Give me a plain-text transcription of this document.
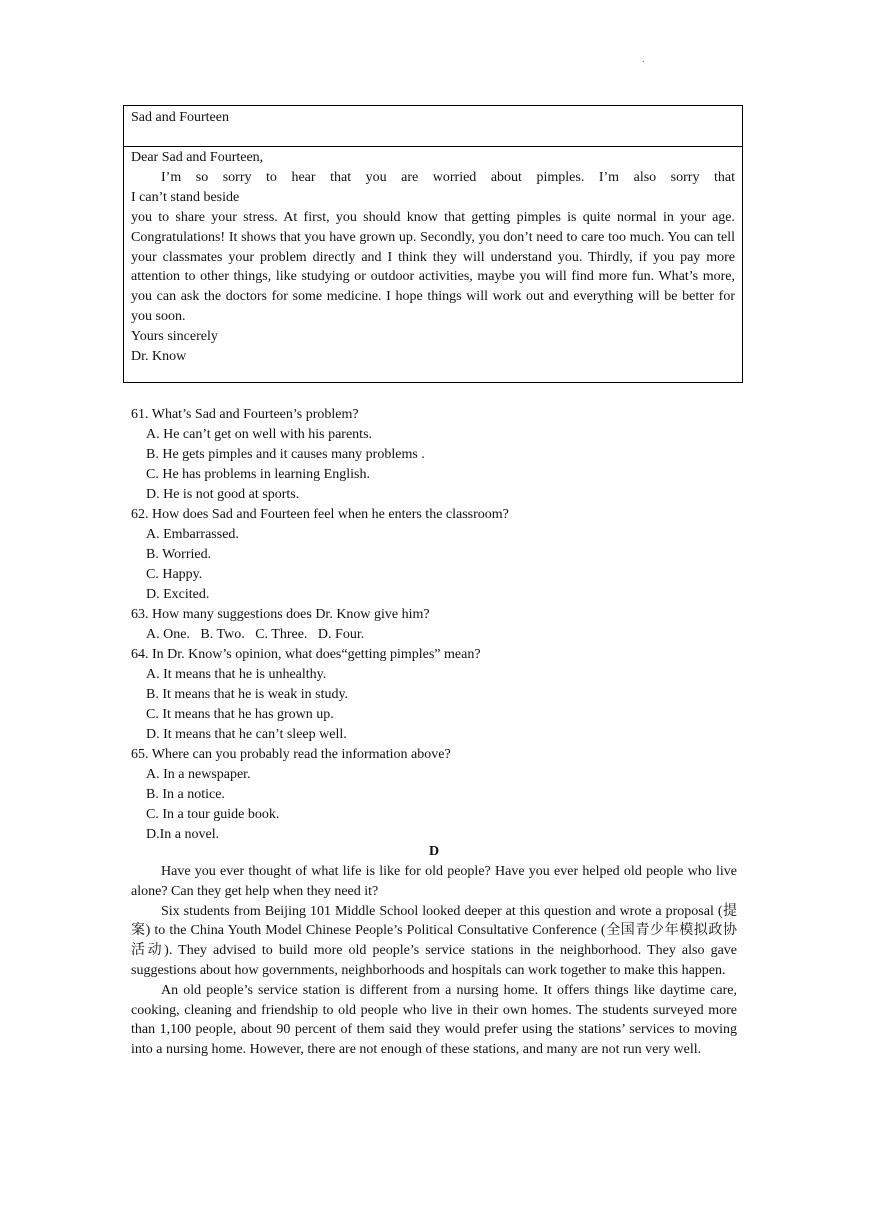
.
Sad and Fourteen
Dear Sad and Fourteen,
I’m so sorry to hear that you are worried about pimples. I’m also sorry that
I can’t stand beside
you to share your stress. At first, you should know that getting pimples is quite normal in your age. Congratulations! It shows that you have grown up. Secondly, you don’t need to care too much. You can tell your classmates your problem directly and I think they will understand you. Thirdly, if you pay more attention to other things, like studying or outdoor activities, maybe you will find more fun. What’s more, you can ask the doctors for some medicine. I hope things will work out and everything will be better for you soon.
Yours sincerely
Dr. Know
61. What’s Sad and Fourteen’s problem?
A. He can’t get on well with his parents.
B. He gets pimples and it causes many problems .
C. He has problems in learning English.
D. He is not good at sports.
62. How does Sad and Fourteen feel when he enters the classroom?
A. Embarrassed.
B. Worried.
C. Happy.
D. Excited.
63. How many suggestions does Dr. Know give him?
A. One.   B. Two.   C. Three.   D. Four.
64. In Dr. Know’s opinion, what does“getting pimples” mean?
A. It means that he is unhealthy.
B. It means that he is weak in study.
C. It means that he has grown up.
D. It means that he can’t sleep well.
65. Where can you probably read the information above?
A. In a newspaper.
B. In a notice.
C. In a tour guide book.
D.In a novel.
D
Have you ever thought of what life is like for old people? Have you ever helped old people who live alone? Can they get help when they need it?
Six students from Beijing 101 Middle School looked deeper at this question and wrote a proposal (提案) to the China Youth Model Chinese People’s Political Consultative Conference (全国青少年模拟政协活动). They advised to build more old people’s service stations in the neighborhood. They also gave suggestions about how governments, neighborhoods and hospitals can work together to make this happen.
An old people’s service station is different from a nursing home. It offers things like daytime care, cooking, cleaning and friendship to old people who live in their own homes. The students surveyed more than 1,100 people, about 90 percent of them said they would prefer using the stations’ services to moving into a nursing home. However, there are not enough of these stations, and many are not run very well.
